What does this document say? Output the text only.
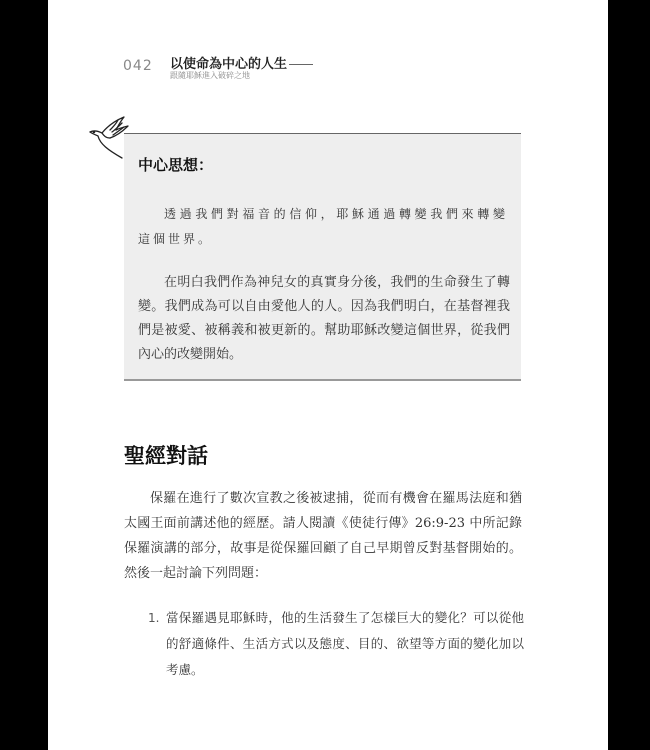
042 以使命為中心的人生
跟隨耶穌進入破碎之地
中心思想：
透過我們對福音的信仰，耶穌通過轉變我們來轉變這個世界。
在明白我們作為神兒女的真實身分後，我們的生命發生了轉變。我們成為可以自由愛他人的人。因為我們明白，在基督裡我們是被愛、被稱義和被更新的。幫助耶穌改變這個世界，從我們內心的改變開始。
聖經對話
保羅在進行了數次宣教之後被逮捕，從而有機會在羅馬法庭和猶太國王面前講述他的經歷。請人閱讀《使徒行傳》26:9-23 中所記錄保羅演講的部分，故事是從保羅回顧了自己早期曾反對基督開始的。然後一起討論下列問題：
1. 當保羅遇見耶穌時，他的生活發生了怎樣巨大的變化？可以從他的舒適條件、生活方式以及態度、目的、欲望等方面的變化加以考慮。
